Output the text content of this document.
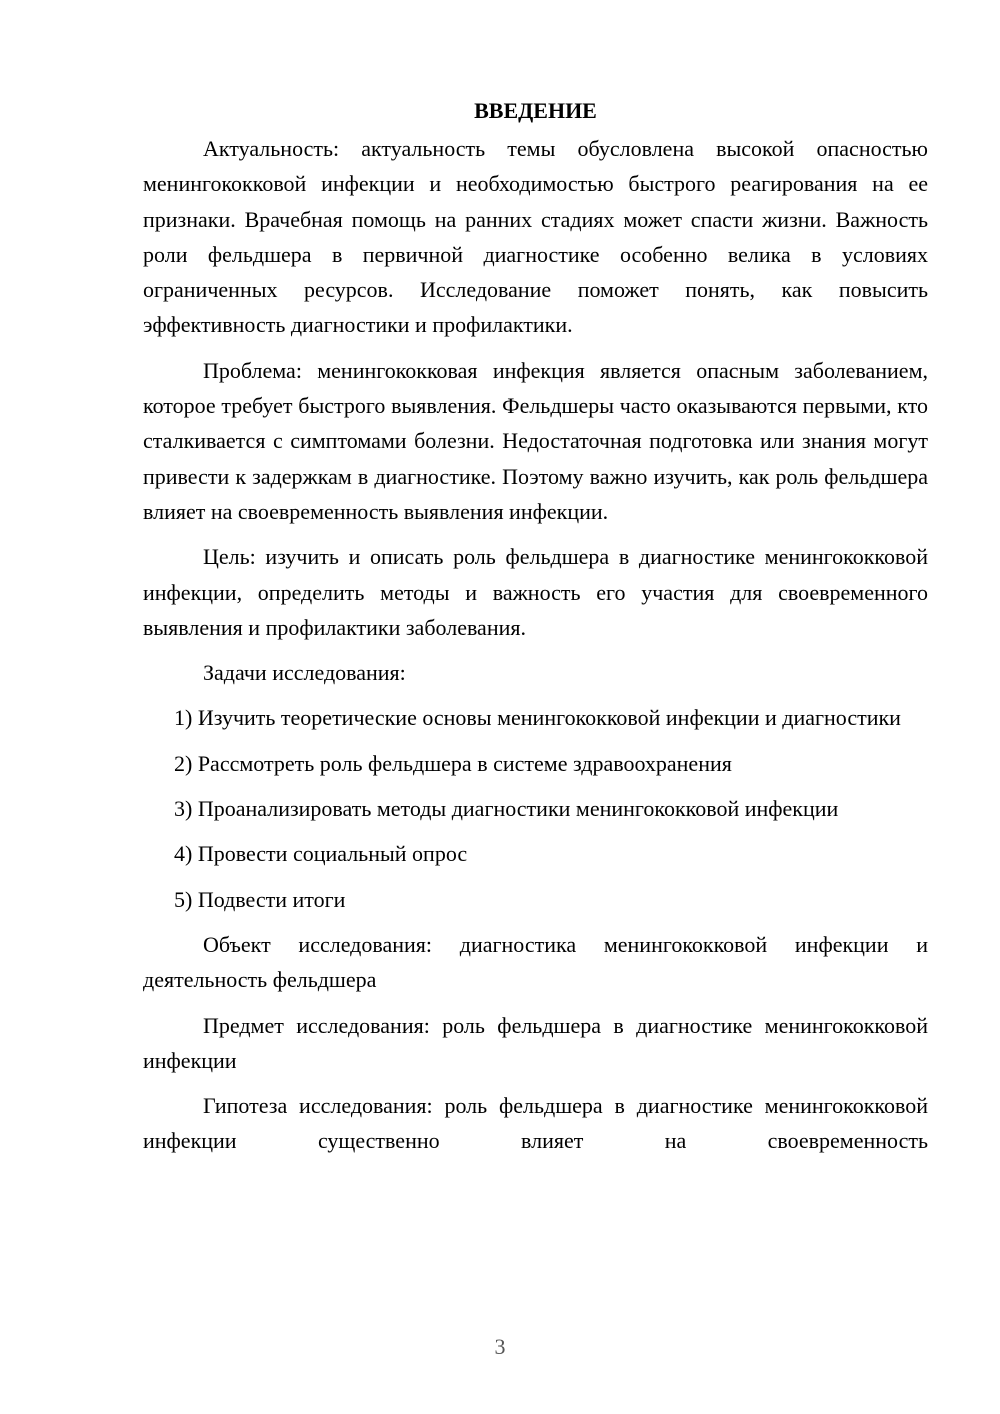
ВВЕДЕНИЕ

Актуальность: актуальность темы обусловлена высокой опасностью менингококковой инфекции и необходимостью быстрого реагирования на ее признаки. Врачебная помощь на ранних стадиях может спасти жизни. Важность роли фельдшера в первичной диагностике особенно велика в условиях ограниченных ресурсов. Исследование поможет понять, как повысить эффективность диагностики и профилактики.

Проблема: менингококковая инфекция является опасным заболеванием, которое требует быстрого выявления. Фельдшеры часто оказываются первыми, кто сталкивается с симптомами болезни. Недостаточная подготовка или знания могут привести к задержкам в диагностике. Поэтому важно изучить, как роль фельдшера влияет на своевременность выявления инфекции.

Цель: изучить и описать роль фельдшера в диагностике менингококковой инфекции, определить методы и важность его участия для своевременного выявления и профилактики заболевания.

Задачи исследования:

1) Изучить теоретические основы менингококковой инфекции и диагностики

2) Рассмотреть роль фельдшера в системе здравоохранения

3) Проанализировать методы диагностики менингококковой инфекции

4) Провести социальный опрос

5) Подвести итоги

Объект исследования: диагностика менингококковой инфекции и деятельность фельдшера

Предмет исследования: роль фельдшера в диагностике менингококковой инфекции

Гипотеза исследования: роль фельдшера в диагностике менингококковой инфекции существенно влияет на своевременность

3
